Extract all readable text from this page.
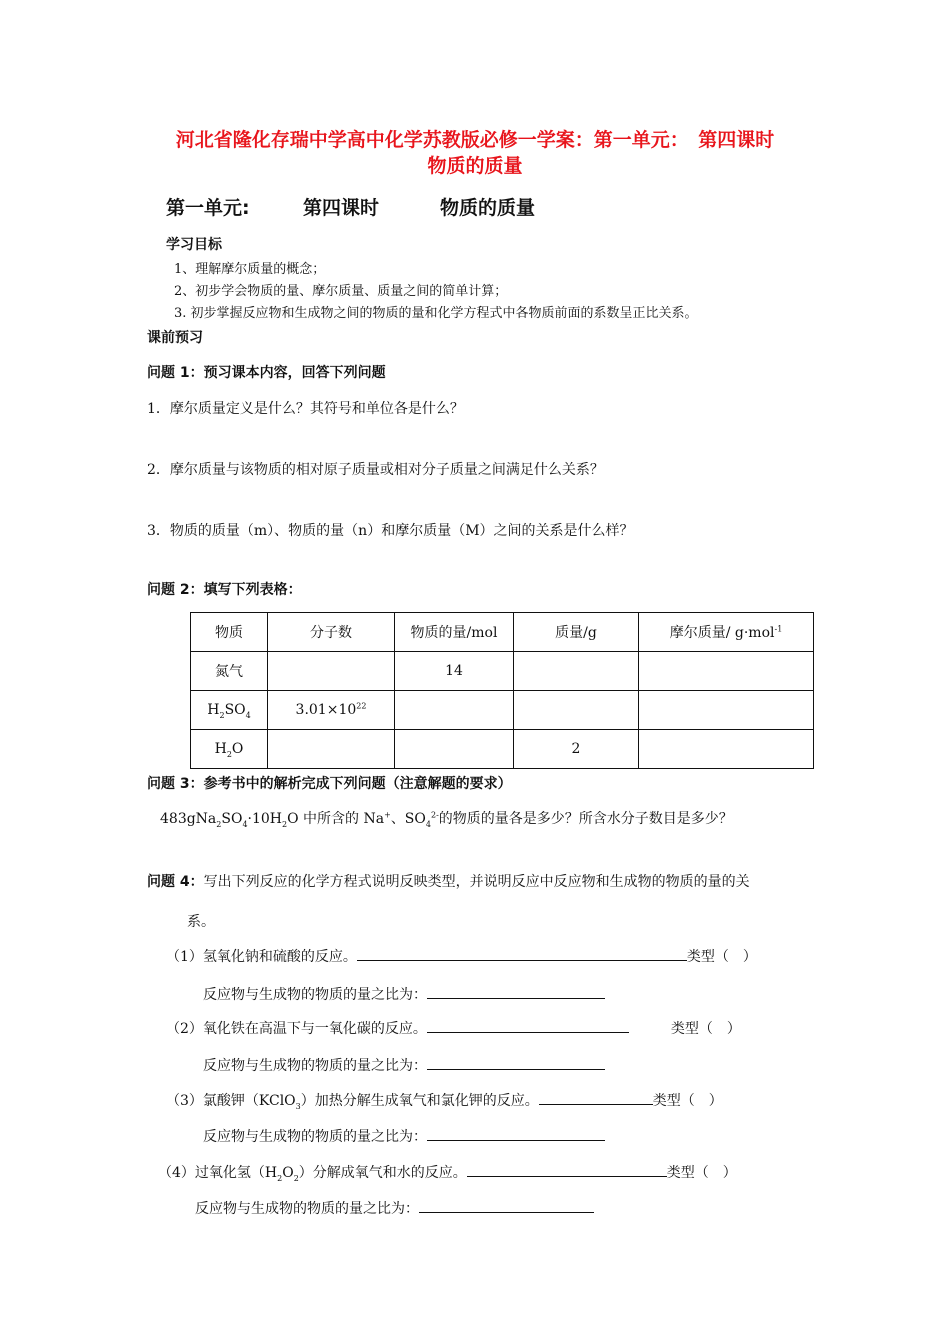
河北省隆化存瑞中学高中化学苏教版必修一学案：第一单元：　第四课时
物质的质量
第一单元:	第四课时	物质的质量
学习目标
1、理解摩尔质量的概念；
2、初步学会物质的量、摩尔质量、质量之间的简单计算；
3. 初步掌握反应物和生成物之间的物质的量和化学方程式中各物质前面的系数呈正比关系。
课前预习
问题 1：预习课本内容，回答下列问题
1．摩尔质量定义是什么？其符号和单位各是什么？
2．摩尔质量与该物质的相对原子质量或相对分子质量之间满足什么关系？
3．物质的质量（m）、物质的量（n）和摩尔质量（M）之间的关系是什么样？
问题 2：填写下列表格：
物质	分子数	物质的量/mol	质量/g	摩尔质量/ g·mol$^{-1}$
氮气		14		
$H_2SO_4$	$3.01\times 10^{22}$			
$H_2O$			2	
问题 3：参考书中的解析完成下列问题（注意解题的要求）
$483gNa_2SO_4\cdot 10H_2O$ 中所含的 Na+、$SO_4^{2-}$的物质的量各是多少？所含水分子数目是多少？
问题 4：写出下列反应的化学方程式说明反映类型，并说明反应中反应物和生成物的物质的量的关
系。
（1）氢氧化钠和硫酸的反应。	类型（　）
反应物与生成物的物质的量之比为：
（2）氧化铁在高温下与一氧化碳的反应。	类型（　）
反应物与生成物的物质的量之比为：
（3）氯酸钾（KClO$_3$）加热分解生成氧气和氯化钾的反应。	类型（　）
反应物与生成物的物质的量之比为：
（4）过氧化氢$(H_2O_2)$分解成氧气和水的反应。	类型（　）
反应物与生成物的物质的量之比为：
